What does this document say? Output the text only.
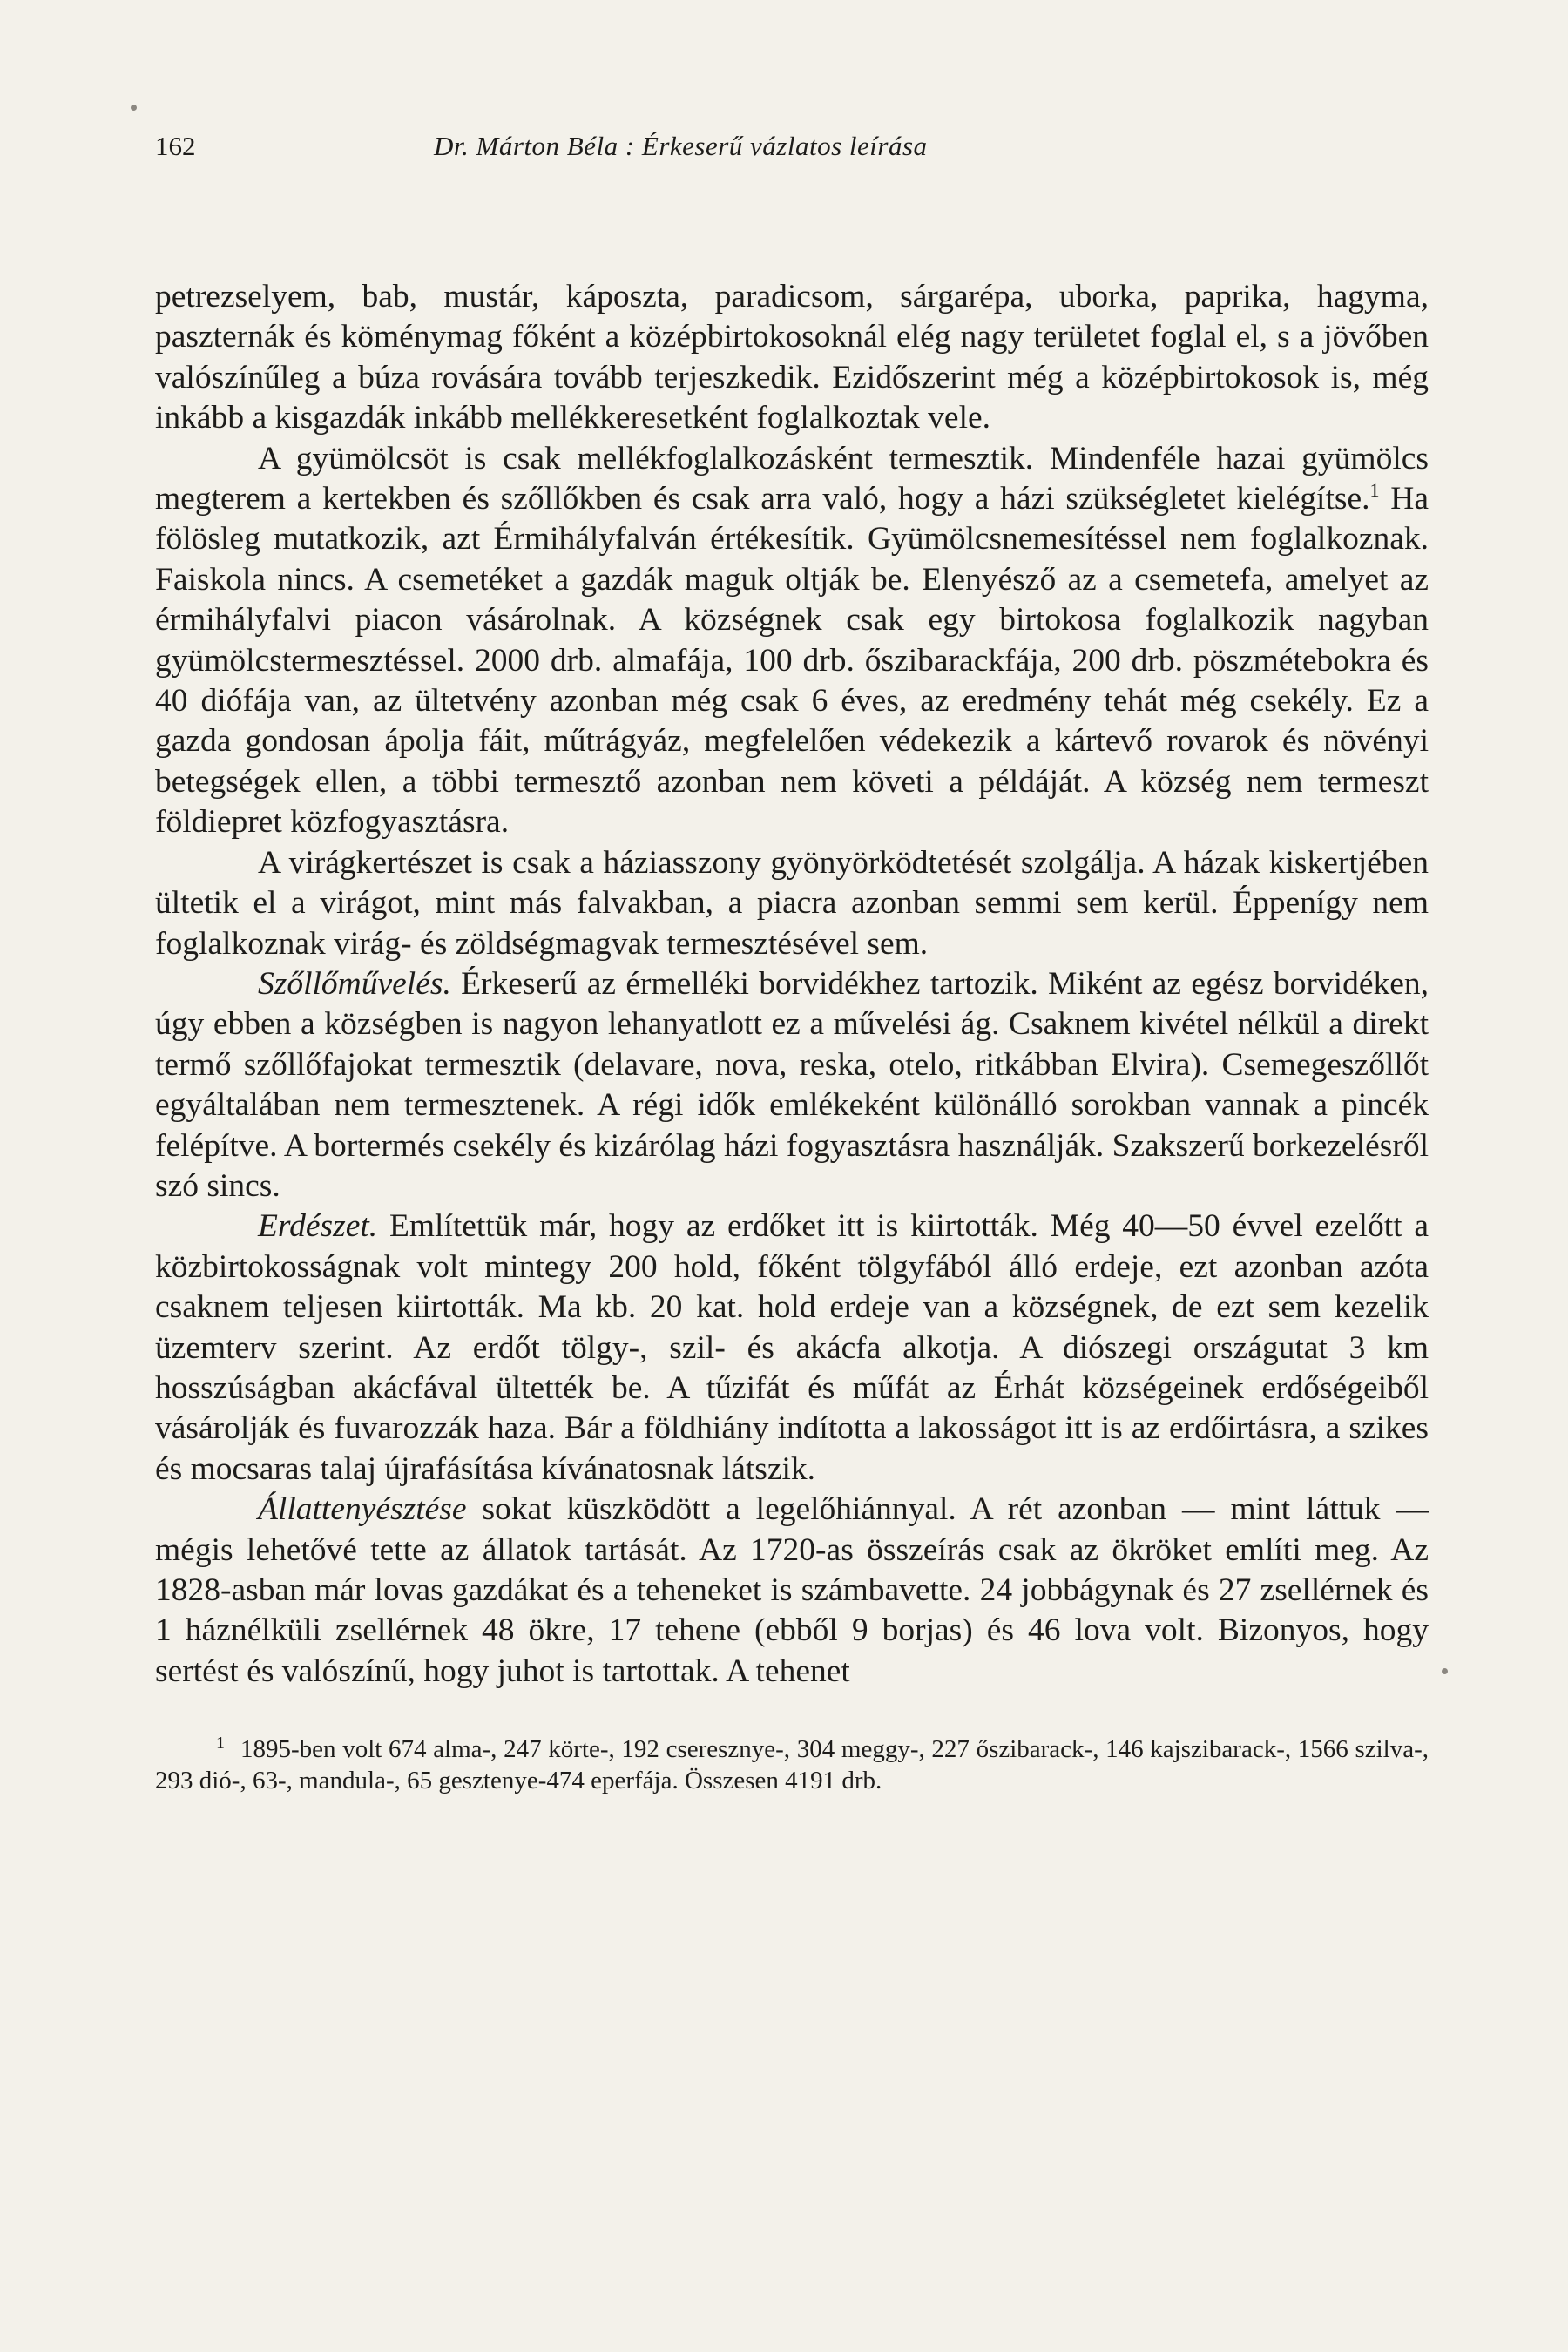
162	Dr. Márton Béla : Érkeserű vázlatos leírása

petrezselyem, bab, mustár, káposzta, paradicsom, sárgarépa, uborka, paprika, hagyma, paszternák és köménymag főként a középbirtokosoknál elég nagy területet foglal el, s a jövőben valószínűleg a búza rovására tovább terjeszkedik. Ezidőszerint még a középbirtokosok is, még inkább a kisgazdák inkább mellékkeresetként foglalkoztak vele.

A gyümölcsöt is csak mellékfoglalkozásként termesztik. Mindenféle hazai gyümölcs megterem a kertekben és szőllőkben és csak arra való, hogy a házi szükségletet kielégítse.$^1$ Ha fölösleg mutatkozik, azt Érmihályfalván értékesítik. Gyümölcsnemesítéssel nem foglalkoznak. Faiskola nincs. A csemetéket a gazdák maguk oltják be. Elenyésző az a csemetefa, amelyet az érmihályfalvi piacon vásárolnak. A községnek csak egy birtokosa foglalkozik nagyban gyümölcstermesztéssel. 2000 drb. almafája, 100 drb. őszibarackfája, 200 drb. pöszmétebokra és 40 diófája van, az ültetvény azonban még csak 6 éves, az eredmény tehát még csekély. Ez a gazda gondosan ápolja fáit, műtrágyáz, megfelelően védekezik a kártevő rovarok és növényi betegségek ellen, a többi termesztő azonban nem követi a példáját. A község nem termeszt földiepret közfogyasztásra.

A virágkertészet is csak a háziasszony gyönyörködtetését szolgálja. A házak kiskertjében ültetik el a virágot, mint más falvakban, a piacra azonban semmi sem kerül. Éppenígy nem foglalkoznak virág- és zöldségmagvak termesztésével sem.

Szőllőművelés. Érkeserű az érmelléki borvidékhez tartozik. Miként az egész borvidéken, úgy ebben a községben is nagyon lehanyatlott ez a művelési ág. Csaknem kivétel nélkül a direkt termő szőllőfajokat termesztik (delavare, nova, reska, otelo, ritkábban Elvira). Csemegeszőllőt egyáltalában nem termesztenek. A régi idők emlékeként különálló sorokban vannak a pincék felépítve. A bortermés csekély és kizárólag házi fogyasztásra használják. Szakszerű borkezelésről szó sincs.

Erdészet. Említettük már, hogy az erdőket itt is kiirtották. Még 40—50 évvel ezelőtt a közbirtokosságnak volt mintegy 200 hold, főként tölgyfából álló erdeje, ezt azonban azóta csaknem teljesen kiirtották. Ma kb. 20 kat. hold erdeje van a községnek, de ezt sem kezelik üzemterv szerint. Az erdőt tölgy-, szil- és akácfa alkotja. A diószegi országutat 3 km hosszúságban akácfával ültették be. A tűzifát és műfát az Érhát községeinek erdőségeiből vásárolják és fuvarozzák haza. Bár a földhiány indította a lakosságot itt is az erdőirtásra, a szikes és mocsaras talaj újrafásítása kívánatosnak látszik.

Állattenyésztése sokat küszködött a legelőhiánnyal. A rét azonban — mint láttuk — mégis lehetővé tette az állatok tartását. Az 1720-as összeírás csak az ökröket említi meg. Az 1828-asban már lovas gazdákat és a teheneket is számbavette. 24 jobbágynak és 27 zsellérnek és 1 háznélküli zsellérnek 48 ökre, 17 tehene (ebből 9 borjas) és 46 lova volt. Bizonyos, hogy sertést és valószínű, hogy juhot is tartottak. A tehenet

$^1$ 1895-ben volt 674 alma-, 247 körte-, 192 cseresznye-, 304 meggy-, 227 őszibarack-, 146 kajszibarack-, 1566 szilva-, 293 dió-, 63-, mandula-, 65 gesztenye-474 eperfája. Összesen 4191 drb.
